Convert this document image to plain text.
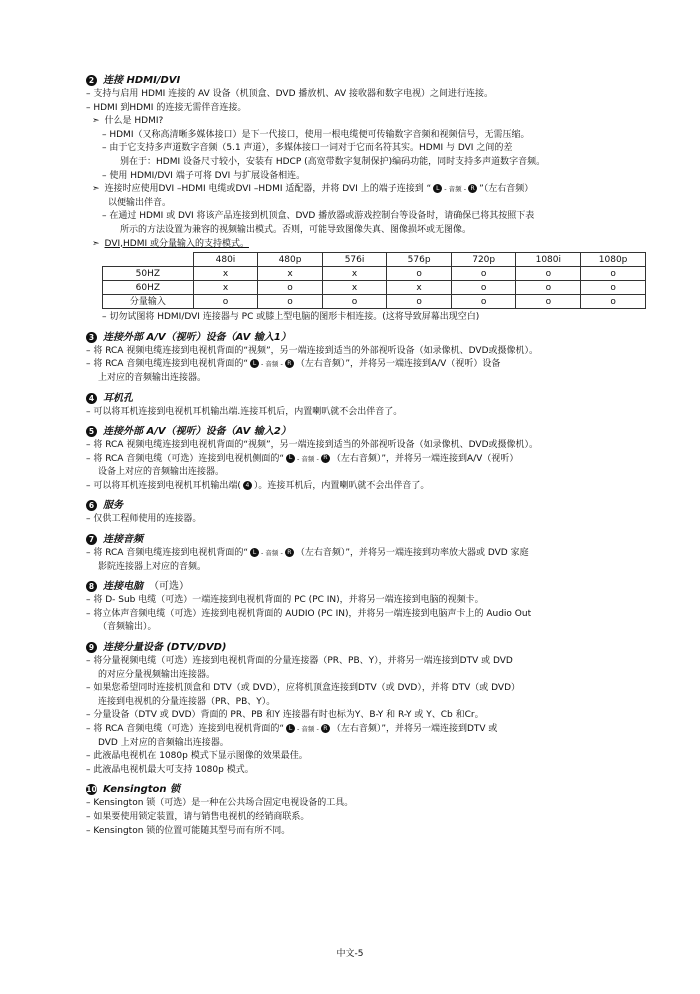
2 连接 HDMI/DVI
– 支持与启用 HDMI 连接的 AV 设备（机顶盒、DVD 播放机、AV 接收器和数字电视）之间进行连接。
– HDMI 到HDMI 的连接无需伴音连接。
➣ 什么是 HDMI?
– HDMI（又称高清晰多媒体接口）是下一代接口，使用一根电缆便可传输数字音频和视频信号，无需压缩。
– 由于它支持多声道数字音频（5.1 声道），多媒体接口一词对于它而名符其实。HDMI 与 DVI 之间的差
别在于：HDMI 设备尺寸较小，安装有 HDCP (高宽带数字复制保护)编码功能，同时支持多声道数字音频。
– 使用 HDMI/DVI 端子可将 DVI 与扩展设备相连。
➣ 连接时应使用DVI –HDMI 电缆或DVI –HDMI 适配器，并将 DVI 上的端子连接到 “ L - 音频 - R ”（左右音频）
以便输出伴音。
– 在通过 HDMI 或 DVI 将该产品连接到机顶盒、DVD 播放器或游戏控制台等设备时，请确保已将其按照下表
所示的方法设置为兼容的视频输出模式。否则，可能导致图像失真、图像损坏或无图像。
➣ DVI,HDMI 或分量输入的支持模式。
	480i	480p	576i	576p	720p	1080i	1080p
50HZ	x	x	x	o	o	o	o
60HZ	x	o	x	x	o	o	o
分量输入	o	o	o	o	o	o	o
– 切勿试图将 HDMI/DVI 连接器与 PC 或膝上型电脑的图形卡相连接。(这将导致屏幕出现空白)
3 连接外部 A/V（视听）设备（AV 输入1）
– 将 RCA 视频电缆连接到电视机背面的“视频”，另一端连接到适当的外部视听设备（如录像机、DVD或摄像机）。
– 将 RCA 音频电缆连接到电视机背面的“ L - 音频 - R （左右音频）”，并将另一端连接到A/V（视听）设备
上对应的音频输出连接器。
4 耳机孔
– 可以将耳机连接到电视机耳机输出端.连接耳机后，内置喇叭就不会出伴音了。
5 连接外部 A/V（视听）设备（AV 输入2）
– 将 RCA 视频电缆连接到电视机背面的“视频”，另一端连接到适当的外部视听设备（如录像机、DVD或摄像机）。
– 将 RCA 音频电缆（可选）连接到电视机侧面的“ L - 音频 - R （左右音频）”，并将另一端连接到A/V（视听）
设备上对应的音频输出连接器。
– 可以将耳机连接到电视机耳机输出端( 4 ）。连接耳机后，内置喇叭就不会出伴音了。
6 服务
– 仅供工程师使用的连接器。
7 连接音频
– 将 RCA 音频电缆连接到电视机背面的“ L - 音频 - R （左右音频）”，并将另一端连接到功率放大器或 DVD 家庭
影院连接器上对应的音频。
8 连接电脑 （可选）
– 将 D- Sub 电缆（可选）一端连接到电视机背面的 PC (PC IN)，并将另一端连接到电脑的视频卡。
– 将立体声音频电缆（可选）连接到电视机背面的 AUDIO (PC IN)，并将另一端连接到电脑声卡上的 Audio Out
（音频输出）。
9 连接分量设备 (DTV/DVD)
– 将分量视频电缆（可选）连接到电视机背面的分量连接器（PR、PB、Y），并将另一端连接到DTV 或 DVD
的对应分量视频输出连接器。
– 如果您希望同时连接机顶盒和 DTV（或 DVD），应将机顶盒连接到DTV（或 DVD），并将 DTV（或 DVD）
连接到电视机的分量连接器（PR、PB、Y）。
– 分量设备（DTV 或 DVD）背面的 PR、PB 和Y 连接器有时也标为Y、B-Y 和 R-Y 或 Y、Cb 和Cr。
– 将 RCA 音频电缆（可选）连接到电视机背面的“ L - 音频 - R （左右音频）”，并将另一端连接到DTV 或
DVD 上对应的音频输出连接器。
– 此液晶电视机在 1080p 模式下显示图像的效果最佳。
– 此液晶电视机最大可支持 1080p 模式。
10 Kensington 锁
– Kensington 锁（可选）是一种在公共场合固定电视设备的工具。
– 如果要使用锁定装置，请与销售电视机的经销商联系。
– Kensington 锁的位置可能随其型号而有所不同。
中文-5
